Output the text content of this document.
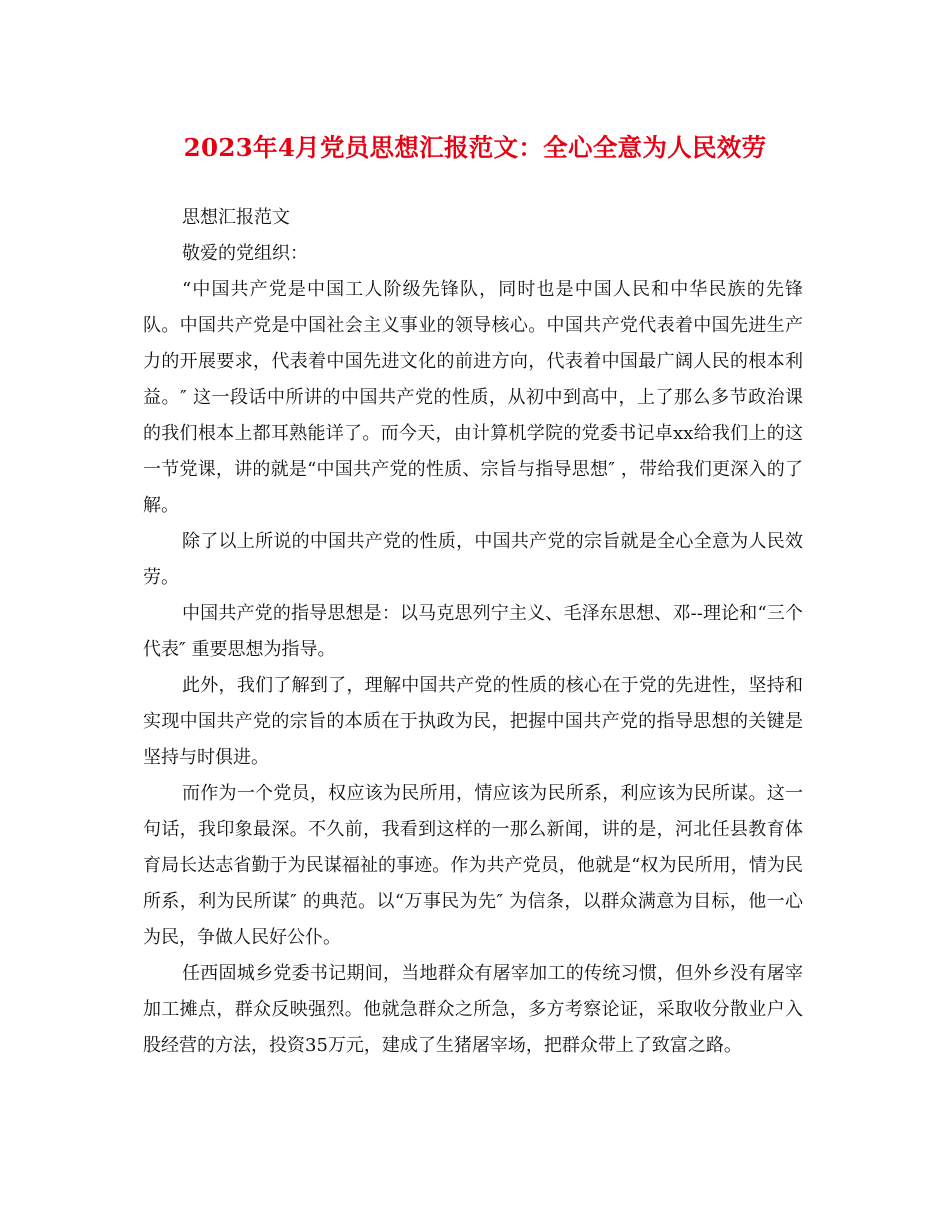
2023年4月党员思想汇报范文：全心全意为人民效劳

思想汇报范文

敬爱的党组织：

“中国共产党是中国工人阶级先锋队，同时也是中国人民和中华民族的先锋队。中国共产党是中国社会主义事业的领导核心。中国共产党代表着中国先进生产力的开展要求，代表着中国先进文化的前进方向，代表着中国最广阔人民的根本利益。″ 这一段话中所讲的中国共产党的性质，从初中到高中，上了那么多节政治课的我们根本上都耳熟能详了。而今天，由计算机学院的党委书记卓xx给我们上的这一节党课，讲的就是“中国共产党的性质、宗旨与指导思想″ ，带给我们更深入的了解。

除了以上所说的中国共产党的性质，中国共产党的宗旨就是全心全意为人民效劳。

中国共产党的指导思想是：以马克思列宁主义、毛泽东思想、邓--理论和“三个代表″ 重要思想为指导。

此外，我们了解到了，理解中国共产党的性质的核心在于党的先进性，坚持和实现中国共产党的宗旨的本质在于执政为民，把握中国共产党的指导思想的关键是坚持与时俱进。

而作为一个党员，权应该为民所用，情应该为民所系，利应该为民所谋。这一句话，我印象最深。不久前，我看到这样的一那么新闻，讲的是，河北任县教育体育局长达志省勤于为民谋福祉的事迹。作为共产党员，他就是“权为民所用，情为民所系，利为民所谋″ 的典范。以“万事民为先″ 为信条，以群众满意为目标，他一心为民，争做人民好公仆。

任西固城乡党委书记期间，当地群众有屠宰加工的传统习惯，但外乡没有屠宰加工摊点，群众反映强烈。他就急群众之所急，多方考察论证，采取收分散业户入股经营的方法，投资35万元，建成了生猪屠宰场，把群众带上了致富之路。
